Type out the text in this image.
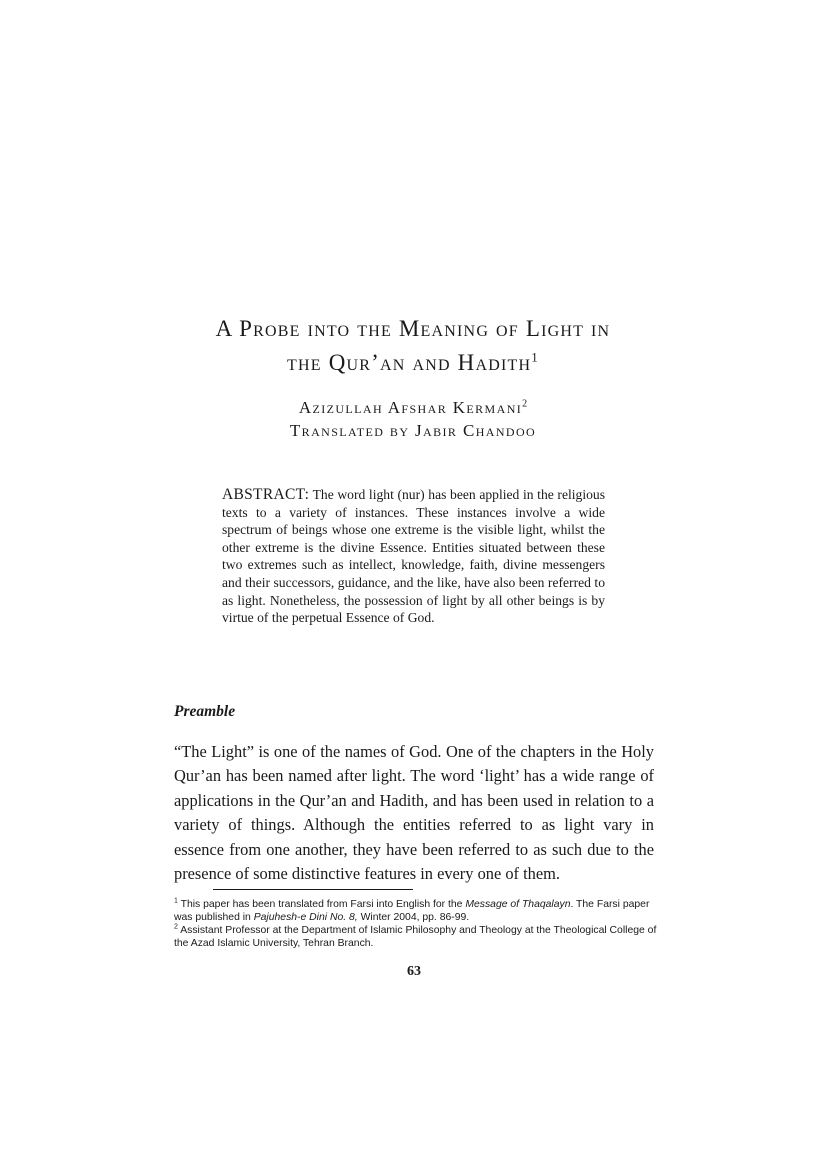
A Probe into the Meaning of Light in
the Qur’an and Hadith$^1$

Azizullah Afshar Kermani$^2$

Translated by Jabir Chandoo

ABSTRACT: The word light (nur) has been applied in the religious texts to a variety of instances. These instances involve a wide spectrum of beings whose one extreme is the visible light, whilst the other extreme is the divine Essence. Entities situated between these two extremes such as intellect, knowledge, faith, divine messengers and their successors, guidance, and the like, have also been referred to as light. Nonetheless, the possession of light by all other beings is by virtue of the perpetual Essence of God.

Preamble

“The Light” is one of the names of God. One of the chapters in the Holy Qur’an has been named after light. The word ‘light’ has a wide range of applications in the Qur’an and Hadith, and has been used in relation to a variety of things. Although the entities referred to as light vary in essence from one another, they have been referred to as such due to the presence of some distinctive features in every one of them.

$^1$ This paper has been translated from Farsi into English for the Message of Thaqalayn. The Farsi paper was published in Pajuhesh-e Dini No. 8, Winter 2004, pp. 86-99.

$^2$ Assistant Professor at the Department of Islamic Philosophy and Theology at the Theological College of the Azad Islamic University, Tehran Branch.

63
